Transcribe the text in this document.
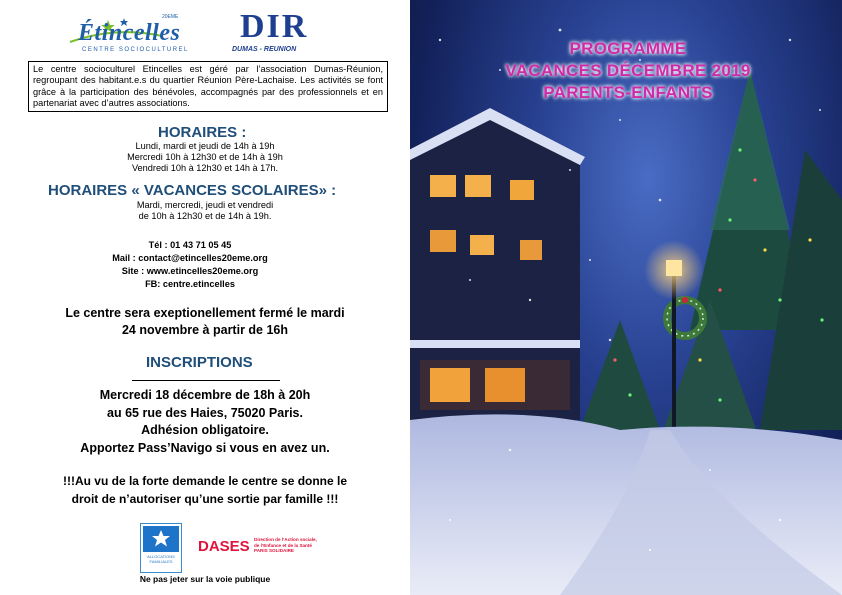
Étincelles
20EME
CENTRE SOCIOCULTUREL
DIR
DUMAS - REUNION
Le centre socioculturel Etincelles est géré par l’association Dumas-Réunion, regroupant des habitant.e.s du quartier Réunion Père-Lachaise. Les activités se font grâce à la participation des bénévoles, accompagnés par des professionnels et en partenariat avec d’autres associations.
HORAIRES :
Lundi, mardi et jeudi de 14h à 19h
Mercredi 10h à 12h30 et de 14h à 19h
Vendredi 10h à 12h30 et 14h à 17h.
HORAIRES « VACANCES SCOLAIRES» :
Mardi, mercredi, jeudi et vendredi
de 10h à 12h30 et de 14h à 19h.
Tél : 01 43 71 05 45
Mail : contact@etincelles20eme.org
Site : www.etincelles20eme.org
FB: centre.etincelles
Le centre sera exeptionellement fermé le mardi
24 novembre à partir de 16h
INSCRIPTIONS
Mercredi 18 décembre de 18h à 20h
au 65 rue des Haies, 75020 Paris.
Adhésion obligatoire.
Apportez Pass’Navigo si vous en avez un.
!!!Au vu de la forte demande le centre se donne le
droit de n’autoriser qu’une sortie par famille !!!
ALLOCATIONS FAMILIALES
DASES Direction de l’Action sociale,
de l’Enfance et de la Santé
PARIS SOLIDAIRE
Ne pas jeter sur la voie publique
PROGRAMME
VACANCES DÉCEMBRE 2019
PARENTS-ENFANTS
